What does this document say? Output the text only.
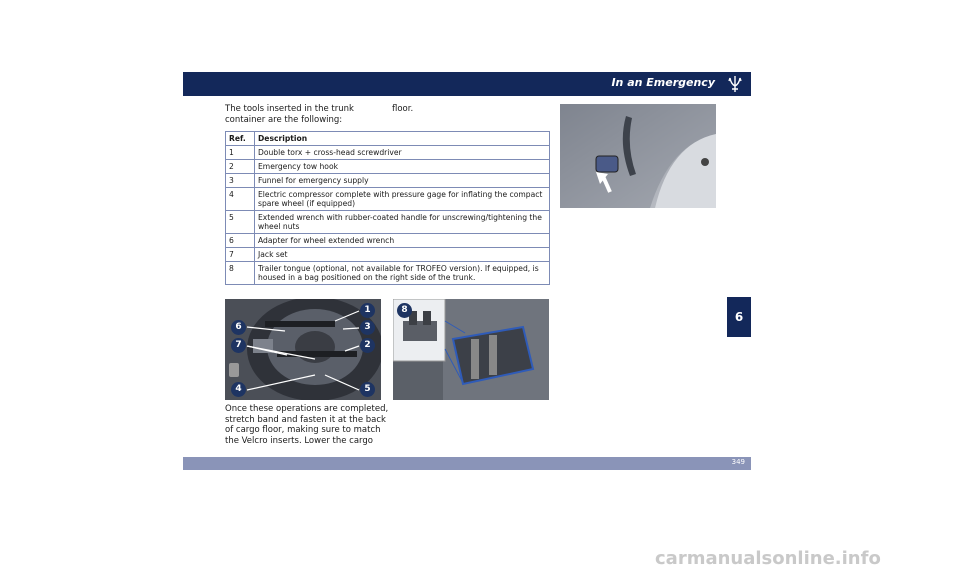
In an Emergency
The tools inserted in the trunk
container are the following:
floor.
Ref.	Description
1	Double torx + cross-head screwdriver
2	Emergency tow hook
3	Funnel for emergency supply
4	Electric compressor complete with pressure gage for inflating the compact spare wheel (if equipped)
5	Extended wrench with rubber-coated handle for unscrewing/tightening the wheel nuts
6	Adapter for wheel extended wrench
7	Jack set
8	Trailer tongue (optional, not available for TROFEO version). If equipped, is housed in a bag positioned on the right side of the trunk.
1
3
2
5
6
7
4
8
Once these operations are completed,
stretch band and fasten it at the back
of cargo floor, making sure to match
the Velcro inserts. Lower the cargo
6
349
carmanualsonline.info
